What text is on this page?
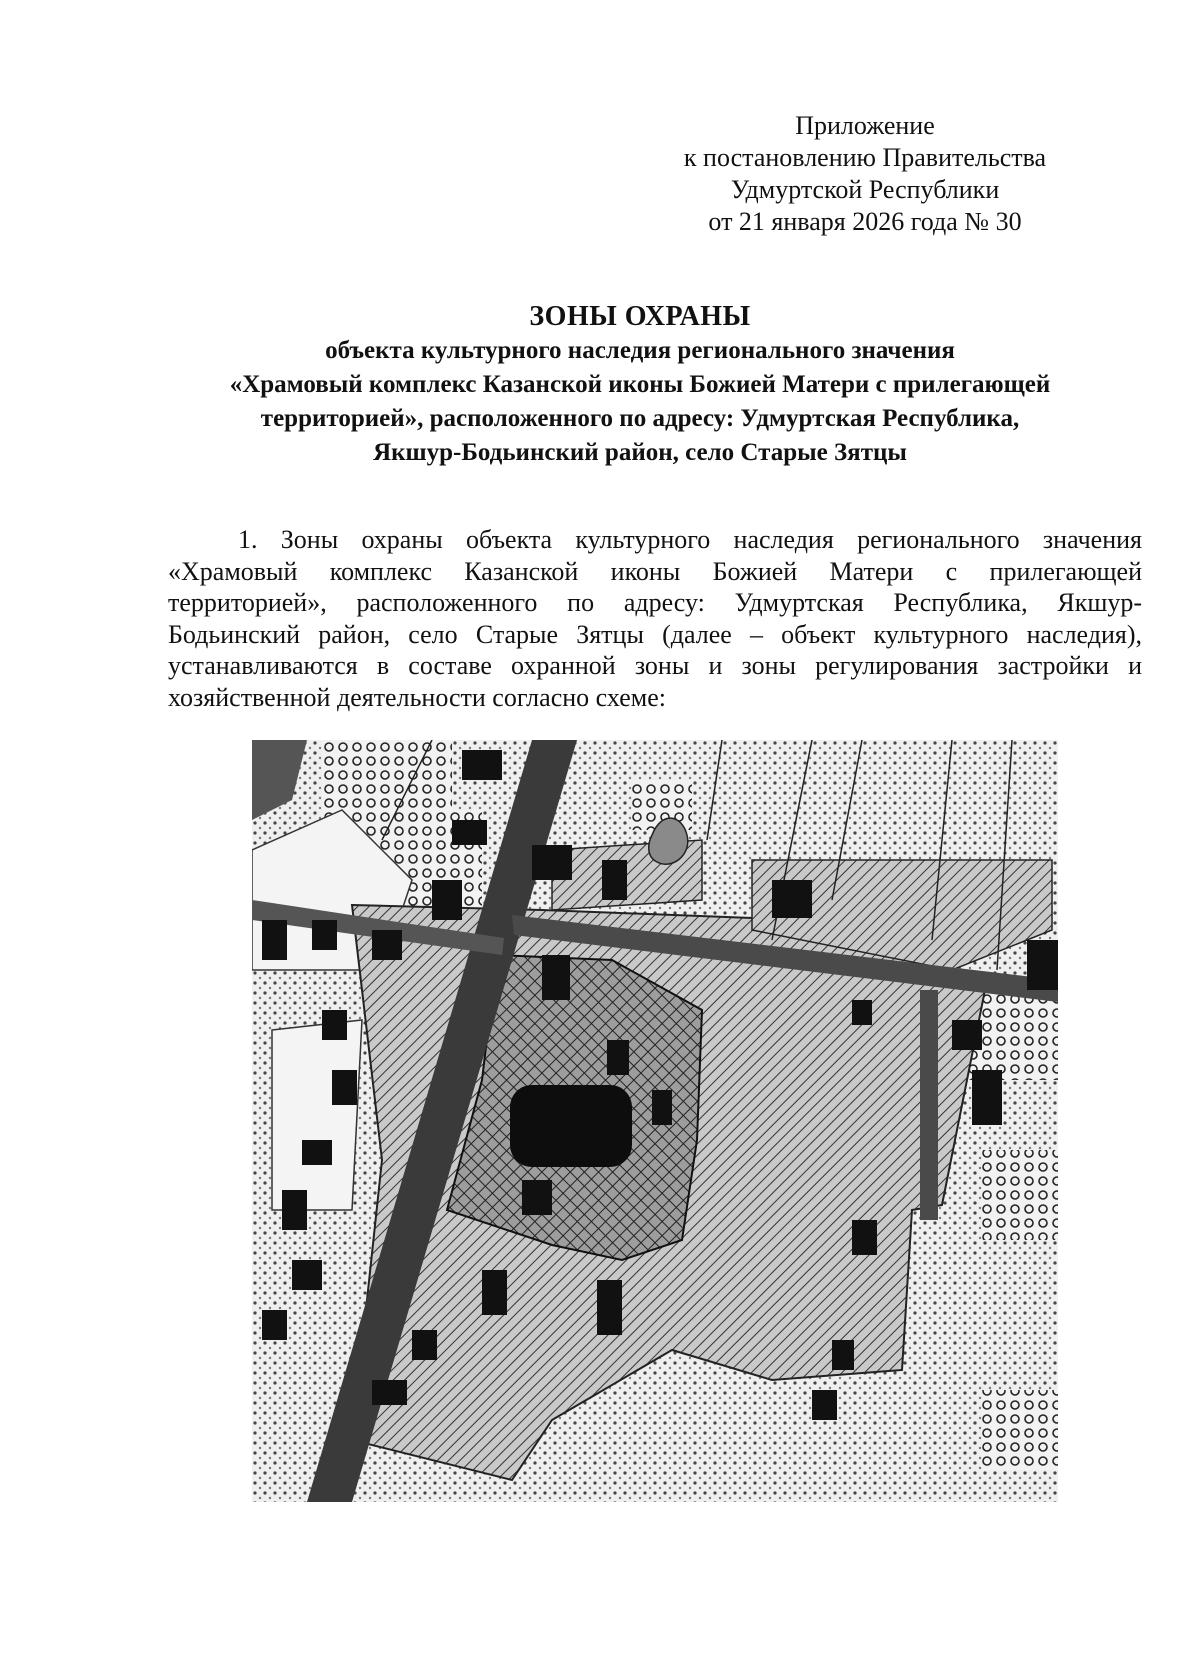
Приложение
к постановлению Правительства
Удмуртской Республики
от 21 января 2026 года № 30
ЗОНЫ ОХРАНЫ
объекта культурного наследия регионального значения
«Храмовый комплекс Казанской иконы Божией Матери с прилегающей
территорией», расположенного по адресу: Удмуртская Республика,
Якшур-Бодьинский район, село Старые Зятцы
1. Зоны охраны объекта культурного наследия регионального значения
«Храмовый комплекс Казанской иконы Божией Матери с прилегающей
территорией», расположенного по адресу: Удмуртская Республика, Якшур-
Бодьинский район, село Старые Зятцы (далее – объект культурного наследия),
устанавливаются в составе охранной зоны и зоны регулирования застройки и
хозяйственной деятельности согласно схеме:
